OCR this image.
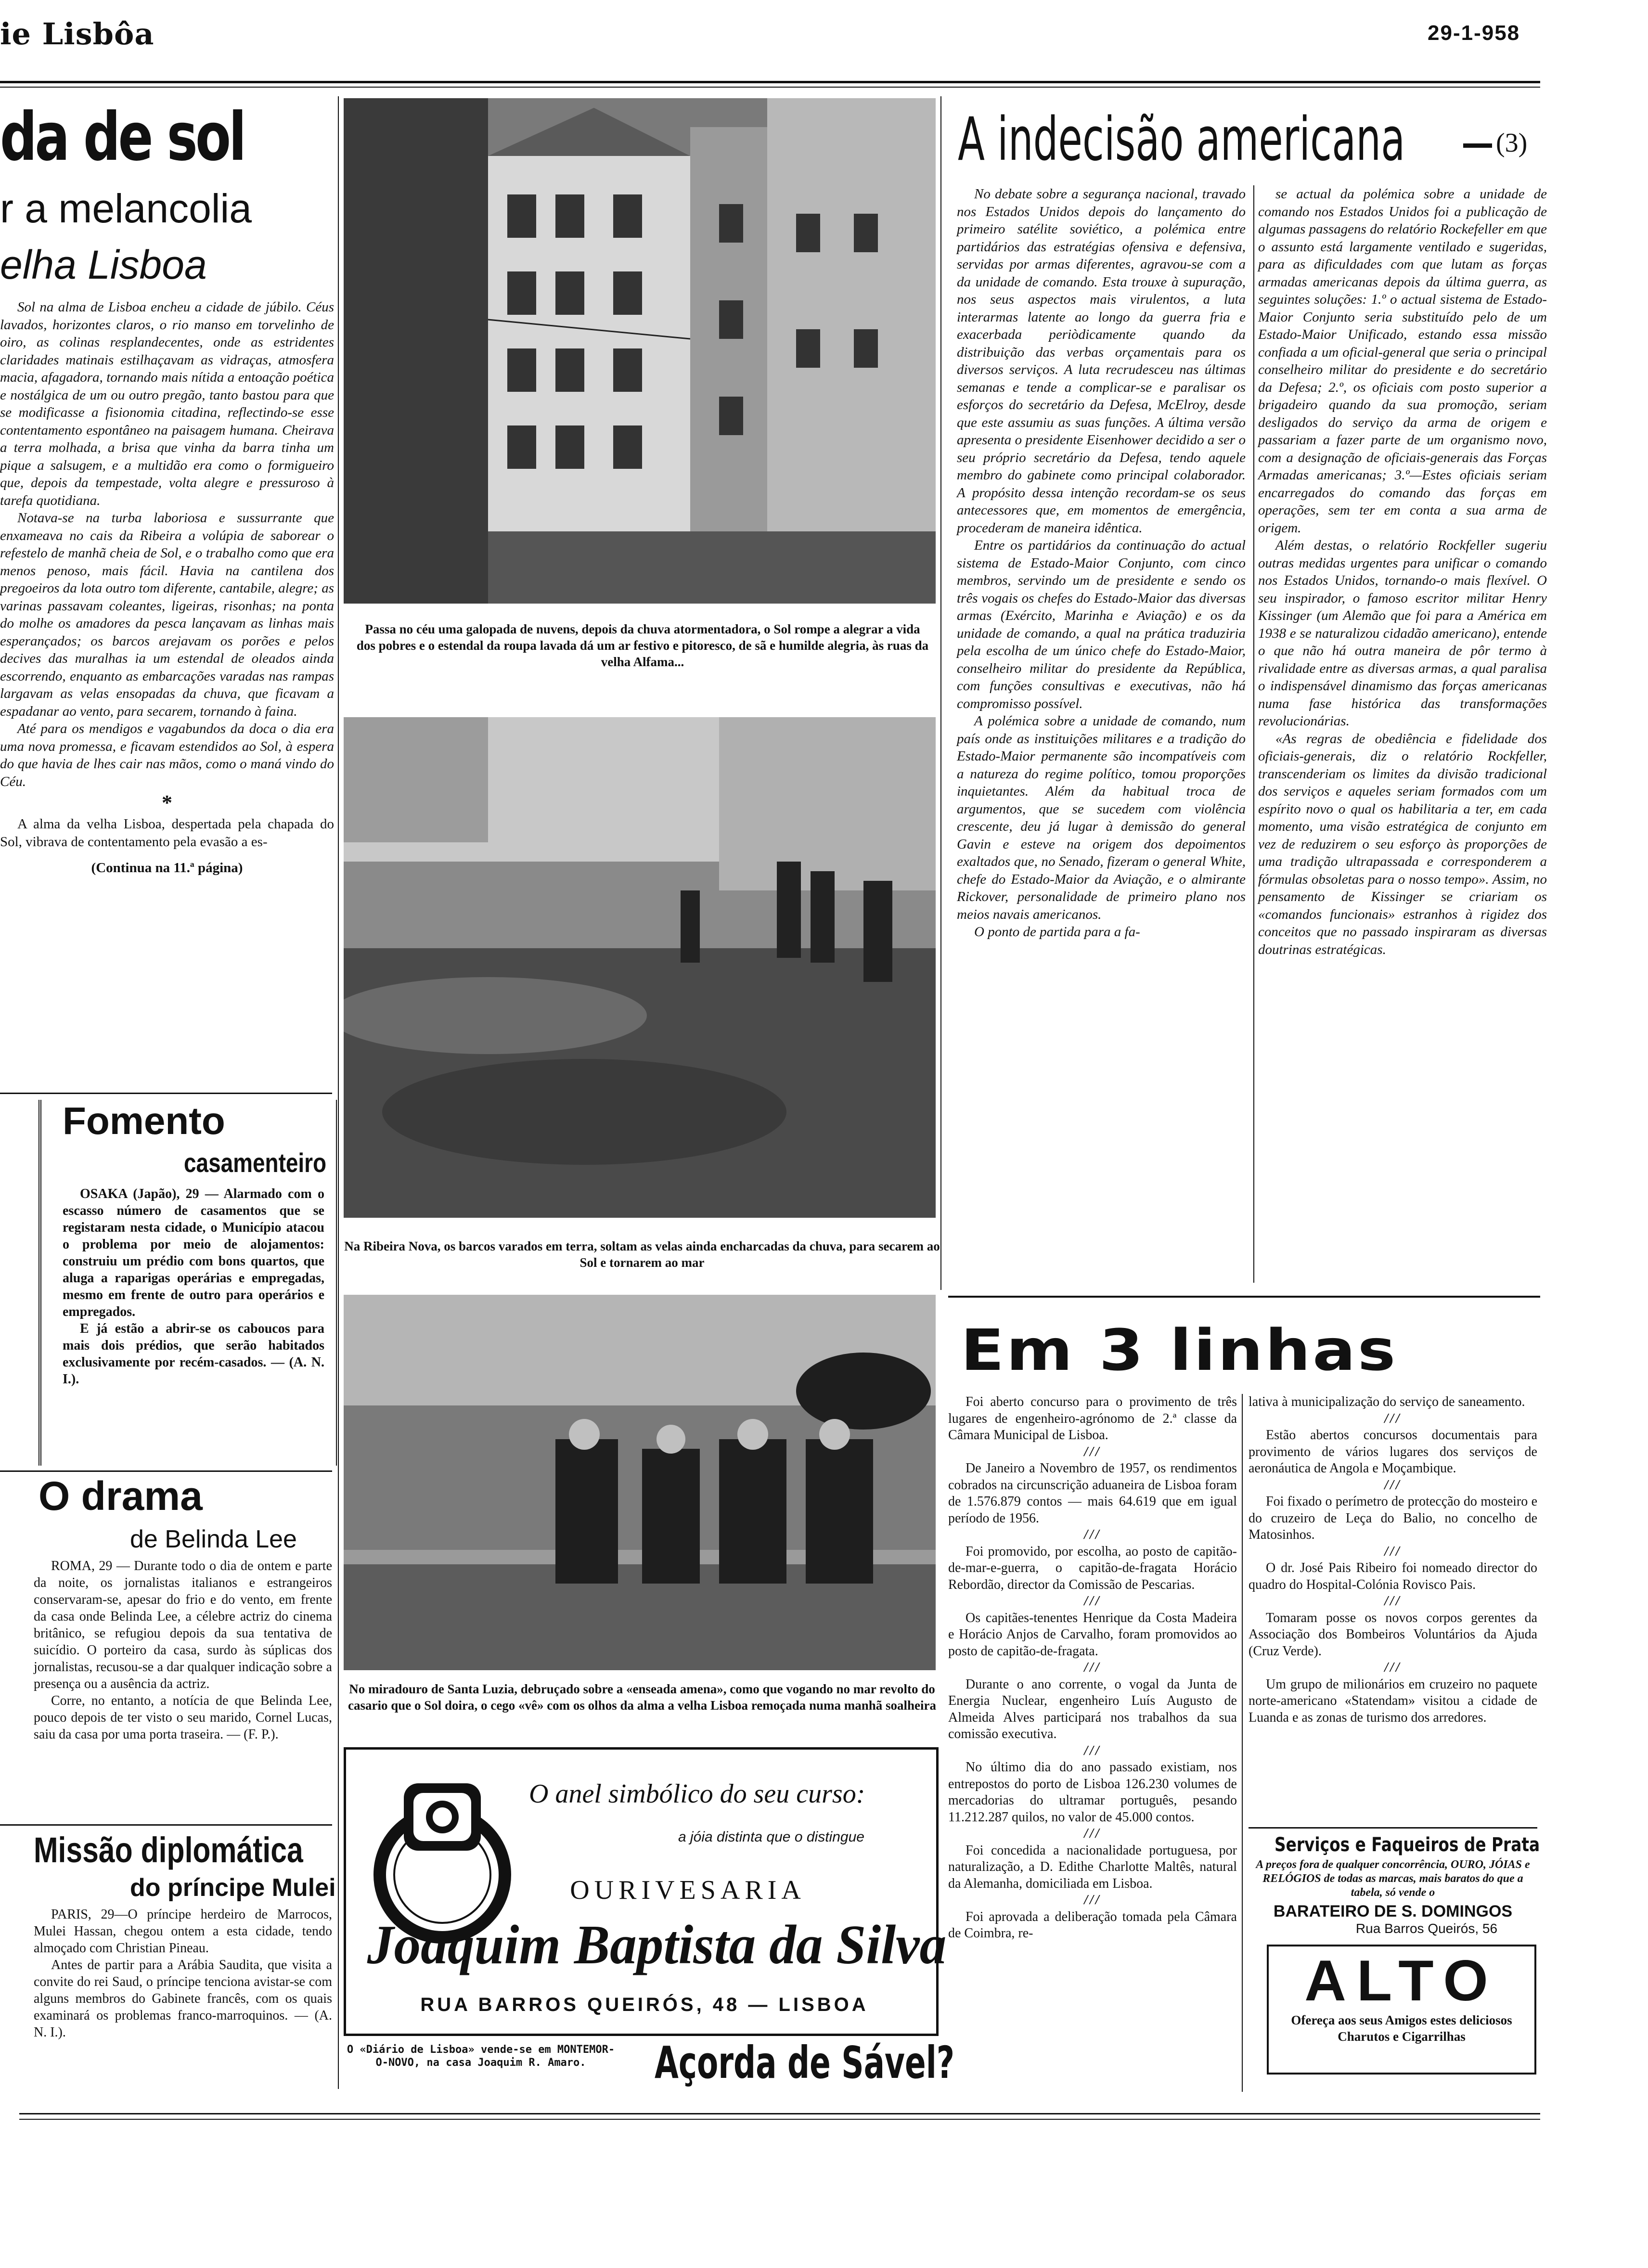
ie Lisbôa	29-1-958
da de sol
r a melancolia
elha Lisboa

Sol na alma de Lisboa encheu a cidade de júbilo. Céus lavados, horizontes claros, o rio manso em torvelinho de oiro, as colinas resplandecentes, onde as estridentes claridades matinais estilhaçavam as vidraças, atmosfera macia, afagadora, tornando mais nítida a entoação poética e nostálgica de um ou outro pregão, tanto bastou para que se modificasse a fisionomia citadina, reflectindo-se esse contentamento espontâneo na paisagem humana. Cheirava a terra molhada, a brisa que vinha da barra tinha um pique a salsugem, e a multidão era como o formigueiro que, depois da tempestade, volta alegre e pressuroso à tarefa quotidiana.

Notava-se na turba laboriosa e sussurrante que enxameava no cais da Ribeira a volúpia de saborear o refestelo de manhã cheia de Sol, e o trabalho como que era menos penoso, mais fácil. Havia na cantilena dos pregoeiros da lota outro tom diferente, cantabile, alegre; as varinas passavam coleantes, ligeiras, risonhas; na ponta do molhe os amadores da pesca lançavam as linhas mais esperançados; os barcos arejavam os porões e pelos decives das muralhas ia um estendal de oleados ainda escorrendo, enquanto as embarcações varadas nas rampas largavam as velas ensopadas da chuva, que ficavam a espadanar ao vento, para secarem, tornando à faina.

Até para os mendigos e vagabundos da doca o dia era uma nova promessa, e ficavam estendidos ao Sol, à espera do que havia de lhes cair nas mãos, como o maná vindo do Céu.

*

A alma da velha Lisboa, despertada pela chapada do Sol, vibrava de contentamento pela evasão a es-

(Continua na 11.ª página)
Fomento
casamenteiro

OSAKA (Japão), 29 — Alarmado com o escasso número de casamentos que se registaram nesta cidade, o Município atacou o problema por meio de alojamentos: construiu um prédio com bons quartos, que aluga a raparigas operárias e empregadas, mesmo em frente de outro para operários e empregados.

E já estão a abrir-se os caboucos para mais dois prédios, que serão habitados exclusivamente por recém-casados. — (A. N. I.).

O drama
de Belinda Lee

ROMA, 29 — Durante todo o dia de ontem e parte da noite, os jornalistas italianos e estrangeiros conservaram-se, apesar do frio e do vento, em frente da casa onde Belinda Lee, a célebre actriz do cinema britânico, se refugiou depois da sua tentativa de suicídio. O porteiro da casa, surdo às súplicas dos jornalistas, recusou-se a dar qualquer indicação sobre a presença ou a ausência da actriz.

Corre, no entanto, a notícia de que Belinda Lee, pouco depois de ter visto o seu marido, Cornel Lucas, saiu da casa por uma porta traseira. — (F. P.).

Missão diplomática
do príncipe Mulei

PARIS, 29—O príncipe herdeiro de Marrocos, Mulei Hassan, chegou ontem a esta cidade, tendo almoçado com Christian Pineau.

Antes de partir para a Arábia Saudita, que visita a convite do rei Saud, o príncipe tenciona avistar-se com alguns membros do Gabinete francês, com os quais examinará os problemas franco-marroquinos. — (A. N. I.).

Passa no céu uma galopada de nuvens, depois da chuva atormentadora, o Sol rompe a alegrar a vida dos pobres e o estendal da roupa lavada dá um ar festivo e pitoresco, de sã e humilde alegria, às ruas da velha Alfama...
Na Ribeira Nova, os barcos varados em terra, soltam as velas ainda encharcadas da chuva, para secarem ao Sol e tornarem ao mar
No miradouro de Santa Luzia, debruçado sobre a «enseada amena», como que vogando no mar revolto do casario que o Sol doira, o cego «vê» com os olhos da alma a velha Lisboa remoçada numa manhã soalheira
O anel simbólico do seu curso:
a jóia distinta que o distingue
OURIVESARIA
Joaquim Baptista da Silva
RUA BARROS QUEIRÓS, 48 — LISBOA
O «Diário de Lisboa» vende-se em MONTEMOR-O-NOVO, na casa Joaquim R. Amaro.	Açorda de Sável?
A indecisão americana	(3)

No debate sobre a segurança nacional, travado nos Estados Unidos depois do lançamento do primeiro satélite soviético, a polémica entre partidários das estratégias ofensiva e defensiva, servidas por armas diferentes, agravou-se com a da unidade de comando. Esta trouxe à supuração, nos seus aspectos mais virulentos, a luta interarmas latente ao longo da guerra fria e exacerbada periòdicamente quando da distribuição das verbas orçamentais para os diversos serviços. A luta recrudesceu nas últimas semanas e tende a complicar-se e paralisar os esforços do secretário da Defesa, McElroy, desde que este assumiu as suas funções. A última versão apresenta o presidente Eisenhower decidido a ser o seu próprio secretário da Defesa, tendo aquele membro do gabinete como principal colaborador. A propósito dessa intenção recordam-se os seus antecessores que, em momentos de emergência, procederam de maneira idêntica.

Entre os partidários da continuação do actual sistema de Estado-Maior Conjunto, com cinco membros, servindo um de presidente e sendo os três vogais os chefes do Estado-Maior das diversas armas (Exército, Marinha e Aviação) e os da unidade de comando, a qual na prática traduziria pela escolha de um único chefe do Estado-Maior, conselheiro militar do presidente da República, com funções consultivas e executivas, não há compromisso possível.

A polémica sobre a unidade de comando, num país onde as instituições militares e a tradição do Estado-Maior permanente são incompatíveis com a natureza do regime político, tomou proporções inquietantes. Além da habitual troca de argumentos, que se sucedem com violência crescente, deu já lugar à demissão do general Gavin e esteve na origem dos depoimentos exaltados que, no Senado, fizeram o general White, chefe do Estado-Maior da Aviação, e o almirante Rickover, personalidade de primeiro plano nos meios navais americanos.

O ponto de partida para a fa-

se actual da polémica sobre a unidade de comando nos Estados Unidos foi a publicação de algumas passagens do relatório Rockefeller em que o assunto está largamente ventilado e sugeridas, para as dificuldades com que lutam as forças armadas americanas depois da última guerra, as seguintes soluções: 1.º o actual sistema de Estado-Maior Conjunto seria substituído pelo de um Estado-Maior Unificado, estando essa missão confiada a um oficial-general que seria o principal conselheiro militar do presidente e do secretário da Defesa; 2.º, os oficiais com posto superior a brigadeiro quando da sua promoção, seriam desligados do serviço da arma de origem e passariam a fazer parte de um organismo novo, com a designação de oficiais-generais das Forças Armadas americanas; 3.º—Estes oficiais seriam encarregados do comando das forças em operações, sem ter em conta a sua arma de origem.

Além destas, o relatório Rockfeller sugeriu outras medidas urgentes para unificar o comando nos Estados Unidos, tornando-o mais flexível. O seu inspirador, o famoso escritor militar Henry Kissinger (um Alemão que foi para a América em 1938 e se naturalizou cidadão americano), entende o que não há outra maneira de pôr termo à rivalidade entre as diversas armas, a qual paralisa o indispensável dinamismo das forças americanas numa fase histórica das transformações revolucionárias.

«As regras de obediência e fidelidade dos oficiais-generais, diz o relatório Rockfeller, transcenderiam os limites da divisão tradicional dos serviços e aqueles seriam formados com um espírito novo o qual os habilitaria a ter, em cada momento, uma visão estratégica de conjunto em vez de reduzirem o seu esforço às proporções de uma tradição ultrapassada e corresponderem a fórmulas obsoletas para o nosso tempo». Assim, no pensamento de Kissinger se criariam os «comandos funcionais» estranhos à rigidez dos conceitos que no passado inspiraram as diversas doutrinas estratégicas.

Em 3 linhas

Foi aberto concurso para o provimento de três lugares de engenheiro-agrónomo de 2.ª classe da Câmara Municipal de Lisboa.

///

De Janeiro a Novembro de 1957, os rendimentos cobrados na circunscrição aduaneira de Lisboa foram de 1.576.879 contos — mais 64.619 que em igual período de 1956.

///

Foi promovido, por escolha, ao posto de capitão-de-mar-e-guerra, o capitão-de-fragata Horácio Rebordão, director da Comissão de Pescarias.

///

Os capitães-tenentes Henrique da Costa Madeira e Horácio Anjos de Carvalho, foram promovidos ao posto de capitão-de-fragata.

///

Durante o ano corrente, o vogal da Junta de Energia Nuclear, engenheiro Luís Augusto de Almeida Alves participará nos trabalhos da sua comissão executiva.

///

No último dia do ano passado existiam, nos entrepostos do porto de Lisboa 126.230 volumes de mercadorias do ultramar português, pesando 11.212.287 quilos, no valor de 45.000 contos.

///

Foi concedida a nacionalidade portuguesa, por naturalização, a D. Edithe Charlotte Maltês, natural da Alemanha, domiciliada em Lisboa.

///

Foi aprovada a deliberação tomada pela Câmara de Coimbra, re-

lativa à municipalização do serviço de saneamento.

///

Estão abertos concursos documentais para provimento de vários lugares dos serviços de aeronáutica de Angola e Moçambique.

///

Foi fixado o perímetro de protecção do mosteiro e do cruzeiro de Leça do Balio, no concelho de Matosinhos.

///

O dr. José Pais Ribeiro foi nomeado director do quadro do Hospital-Colónia Rovisco Pais.

///

Tomaram posse os novos corpos gerentes da Associação dos Bombeiros Voluntários da Ajuda (Cruz Verde).

///

Um grupo de milionários em cruzeiro no paquete norte-americano «Statendam» visitou a cidade de Luanda e as zonas de turismo dos arredores.

Serviços e Faqueiros de Prata
A preços fora de qualquer concorrência, OURO, JÓIAS e RELÓGIOS de todas as marcas, mais baratos do que a tabela, só vende o
BARATEIRO DE S. DOMINGOS
Rua Barros Queirós, 56
ALTO
Ofereça aos seus Amigos estes deliciosos Charutos e Cigarrilhas
